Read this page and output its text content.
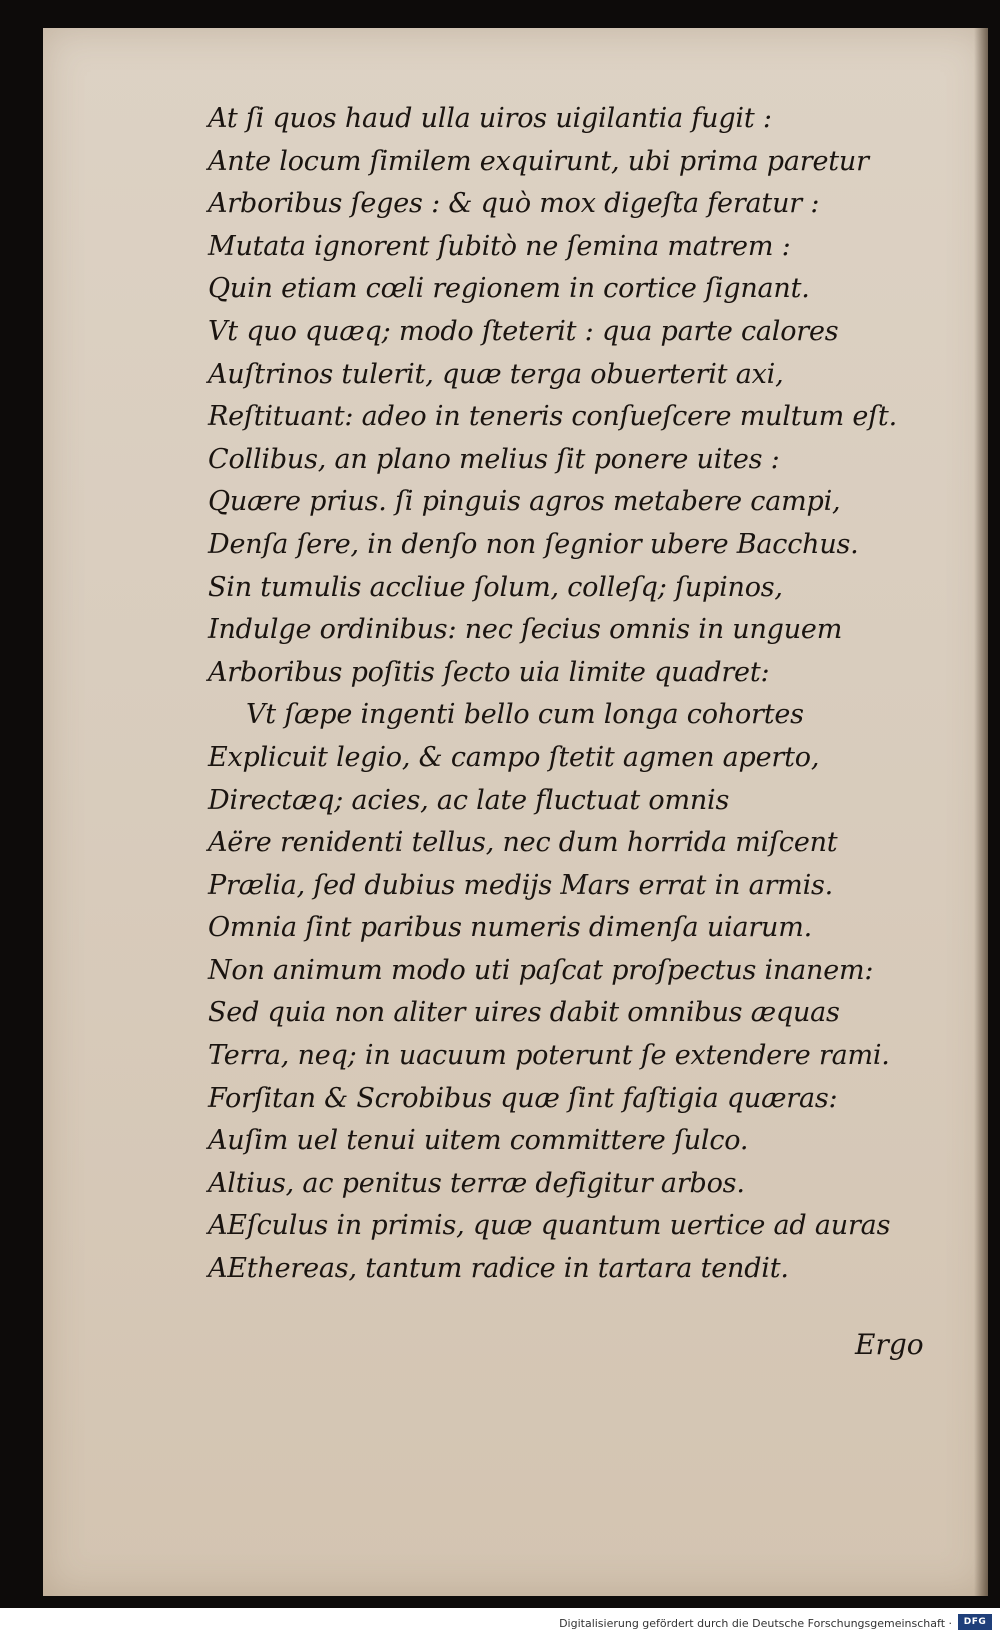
At ſi quos haud ulla uiros uigilantia fugit :
Ante locum ſimilem exquirunt, ubi prima paretur
Arboribus ſeges : & quò mox digeſta feratur :
Mutata ignorent ſubitò ne ſemina matrem :
Quin etiam cœli regionem in cortice ſignant.
Vt quo quæq; modo ſteterit : qua parte calores
Auſtrinos tulerit, quæ terga obuerterit axi,
Reſtituant: adeo in teneris conſueſcere multum eſt.
Collibus, an plano melius ſit ponere uites :
Quære prius. ſi pinguis agros metabere campi,
Denſa ſere, in denſo non ſegnior ubere Bacchus.
Sin tumulis accliue ſolum, colleſq; ſupinos,
Indulge ordinibus: nec ſecius omnis in unguem
Arboribus poſitis ſecto uia limite quadret:
Vt ſæpe ingenti bello cum longa cohortes
Explicuit legio, & campo ſtetit agmen aperto,
Directæq; acies, ac late fluctuat omnis
Aëre renidenti tellus, nec dum horrida miſcent
Prælia, ſed dubius medijs Mars errat in armis.
Omnia ſint paribus numeris dimenſa uiarum.
Non animum modo uti paſcat proſpectus inanem:
Sed quia non aliter uires dabit omnibus æquas
Terra, neq; in uacuum poterunt ſe extendere rami.
Forſitan & Scrobibus quæ ſint faſtigia quæras:
Auſim uel tenui uitem committere ſulco.
Altius, ac penitus terræ defigitur arbos.
AEſculus in primis, quæ quantum uertice ad auras
AEthereas, tantum radice in tartara tendit.
Ergo
Digitalisierung gefördert durch die Deutsche Forschungsgemeinschaft ·	DFG
